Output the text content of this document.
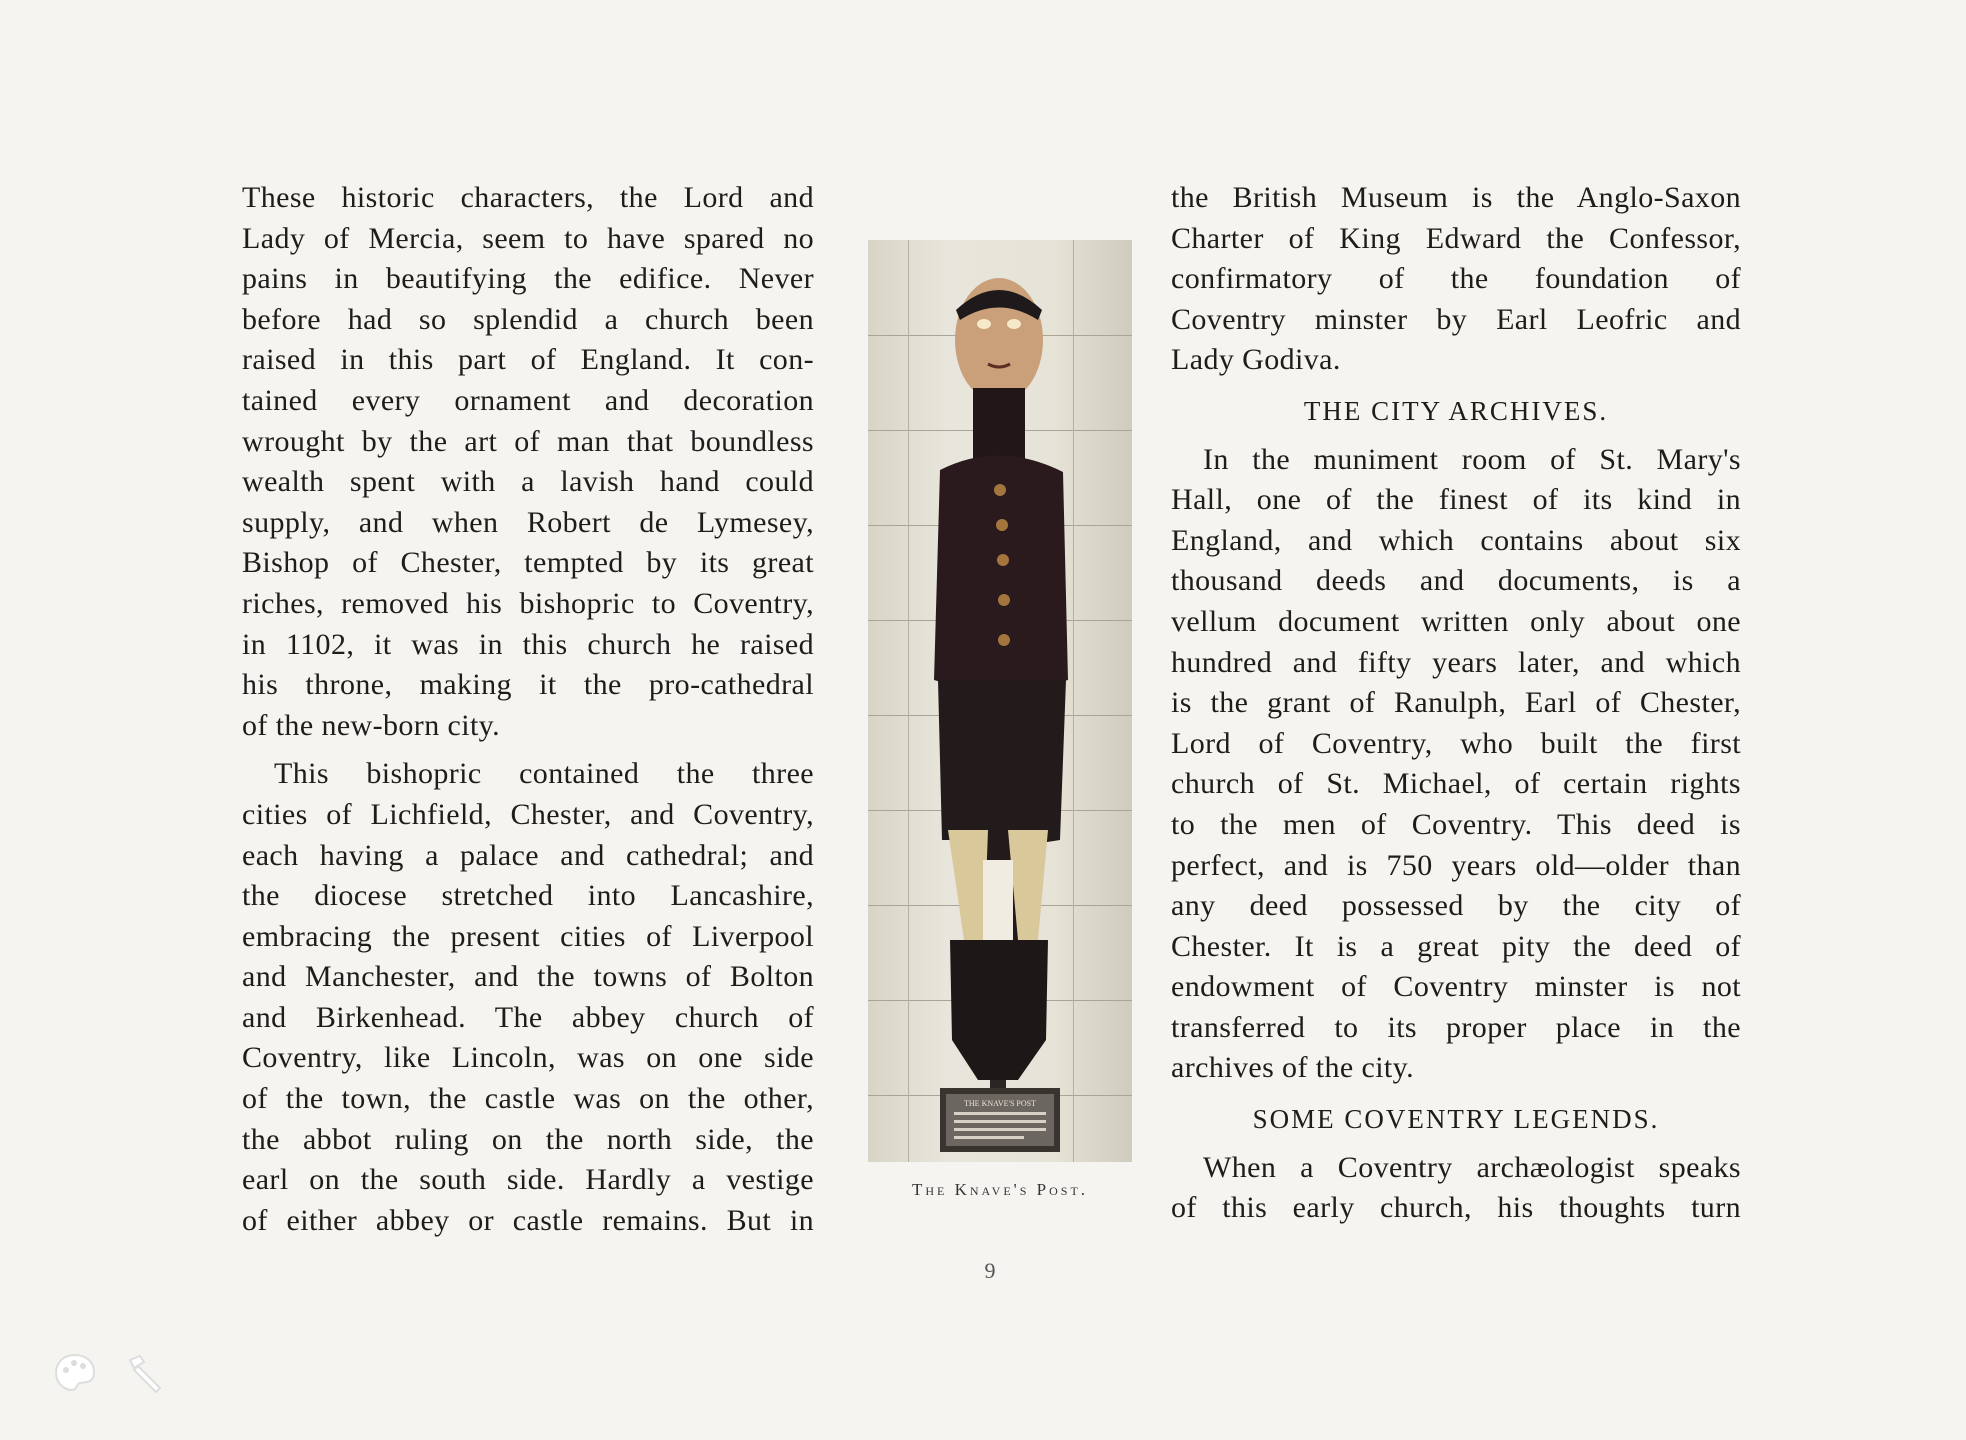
These historic characters, the Lord and

Lady of Mercia, seem to have spared no

pains in beautifying the edifice. Never

before had so splendid a church been

raised in this part of England. It con-

tained every ornament and decoration

wrought by the art of man that boundless

wealth spent with a lavish hand could

supply, and when Robert de Lymesey,

Bishop of Chester, tempted by its great

riches, removed his bishopric to Coventry,

in 1102, it was in this church he raised

his throne, making it the pro-cathedral

of the new-born city.

This bishopric contained the three

cities of Lichfield, Chester, and Coventry,

each having a palace and cathedral; and

the diocese stretched into Lancashire,

embracing the present cities of Liverpool

and Manchester, and the towns of Bolton

and Birkenhead. The abbey church of

Coventry, like Lincoln, was on one side

of the town, the castle was on the other,

the abbot ruling on the north side, the

earl on the south side. Hardly a vestige

of either abbey or castle remains. But in

THE KNAVE'S POST
The Knave's Post.

the British Museum is the Anglo-Saxon

Charter of King Edward the Confessor,

confirmatory of the foundation of

Coventry minster by Earl Leofric and

Lady Godiva.

THE CITY ARCHIVES.

In the muniment room of St. Mary's

Hall, one of the finest of its kind in

England, and which contains about six

thousand deeds and documents, is a

vellum document written only about one

hundred and fifty years later, and which

is the grant of Ranulph, Earl of Chester,

Lord of Coventry, who built the first

church of St. Michael, of certain rights

to the men of Coventry. This deed is

perfect, and is 750 years old—older than

any deed possessed by the city of

Chester. It is a great pity the deed of

endowment of Coventry minster is not

transferred to its proper place in the

archives of the city.

SOME COVENTRY LEGENDS.

When a Coventry archæologist speaks

of this early church, his thoughts turn

9
